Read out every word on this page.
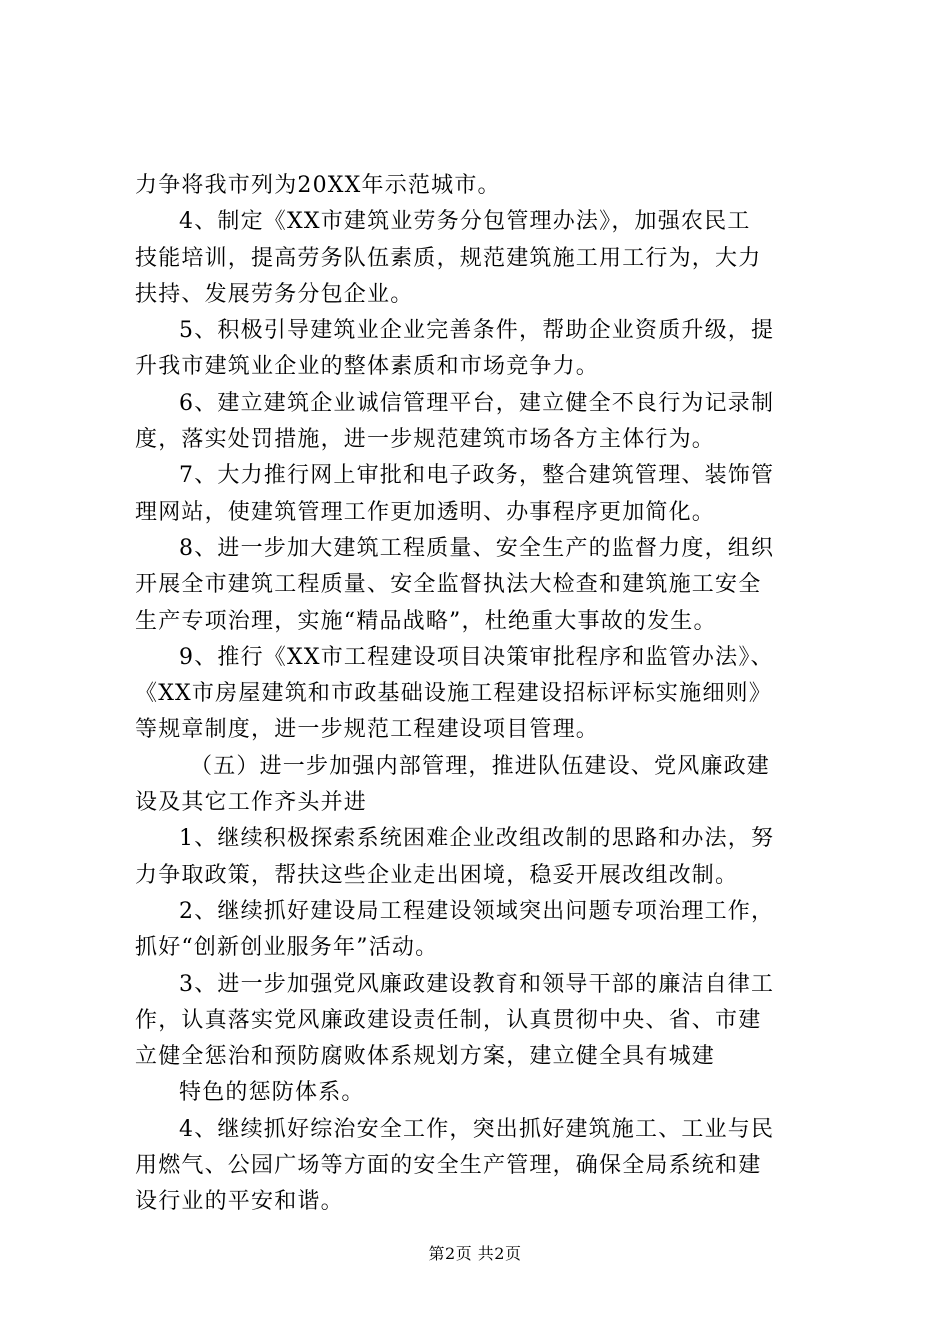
力争将我市列为20XX年示范城市。
4、制定《XX市建筑业劳务分包管理办法》，加强农民工
技能培训，提高劳务队伍素质，规范建筑施工用工行为，大力
扶持、发展劳务分包企业。
5、积极引导建筑业企业完善条件，帮助企业资质升级，提
升我市建筑业企业的整体素质和市场竞争力。
6、建立建筑企业诚信管理平台，建立健全不良行为记录制
度，落实处罚措施，进一步规范建筑市场各方主体行为。
7、大力推行网上审批和电子政务，整合建筑管理、装饰管
理网站，使建筑管理工作更加透明、办事程序更加简化。
8、进一步加大建筑工程质量、安全生产的监督力度，组织
开展全市建筑工程质量、安全监督执法大检查和建筑施工安全
生产专项治理，实施“精品战略”，杜绝重大事故的发生。
9、推行《XX市工程建设项目决策审批程序和监管办法》、
《XX市房屋建筑和市政基础设施工程建设招标评标实施细则》
等规章制度，进一步规范工程建设项目管理。
（五）进一步加强内部管理，推进队伍建设、党风廉政建
设及其它工作齐头并进
1、继续积极探索系统困难企业改组改制的思路和办法，努
力争取政策，帮扶这些企业走出困境，稳妥开展改组改制。
2、继续抓好建设局工程建设领域突出问题专项治理工作，
抓好“创新创业服务年”活动。
3、进一步加强党风廉政建设教育和领导干部的廉洁自律工
作，认真落实党风廉政建设责任制，认真贯彻中央、省、市建
立健全惩治和预防腐败体系规划方案，建立健全具有城建
特色的惩防体系。
4、继续抓好综治安全工作，突出抓好建筑施工、工业与民
用燃气、公园广场等方面的安全生产管理，确保全局系统和建
设行业的平安和谐。
第2页 共2页
